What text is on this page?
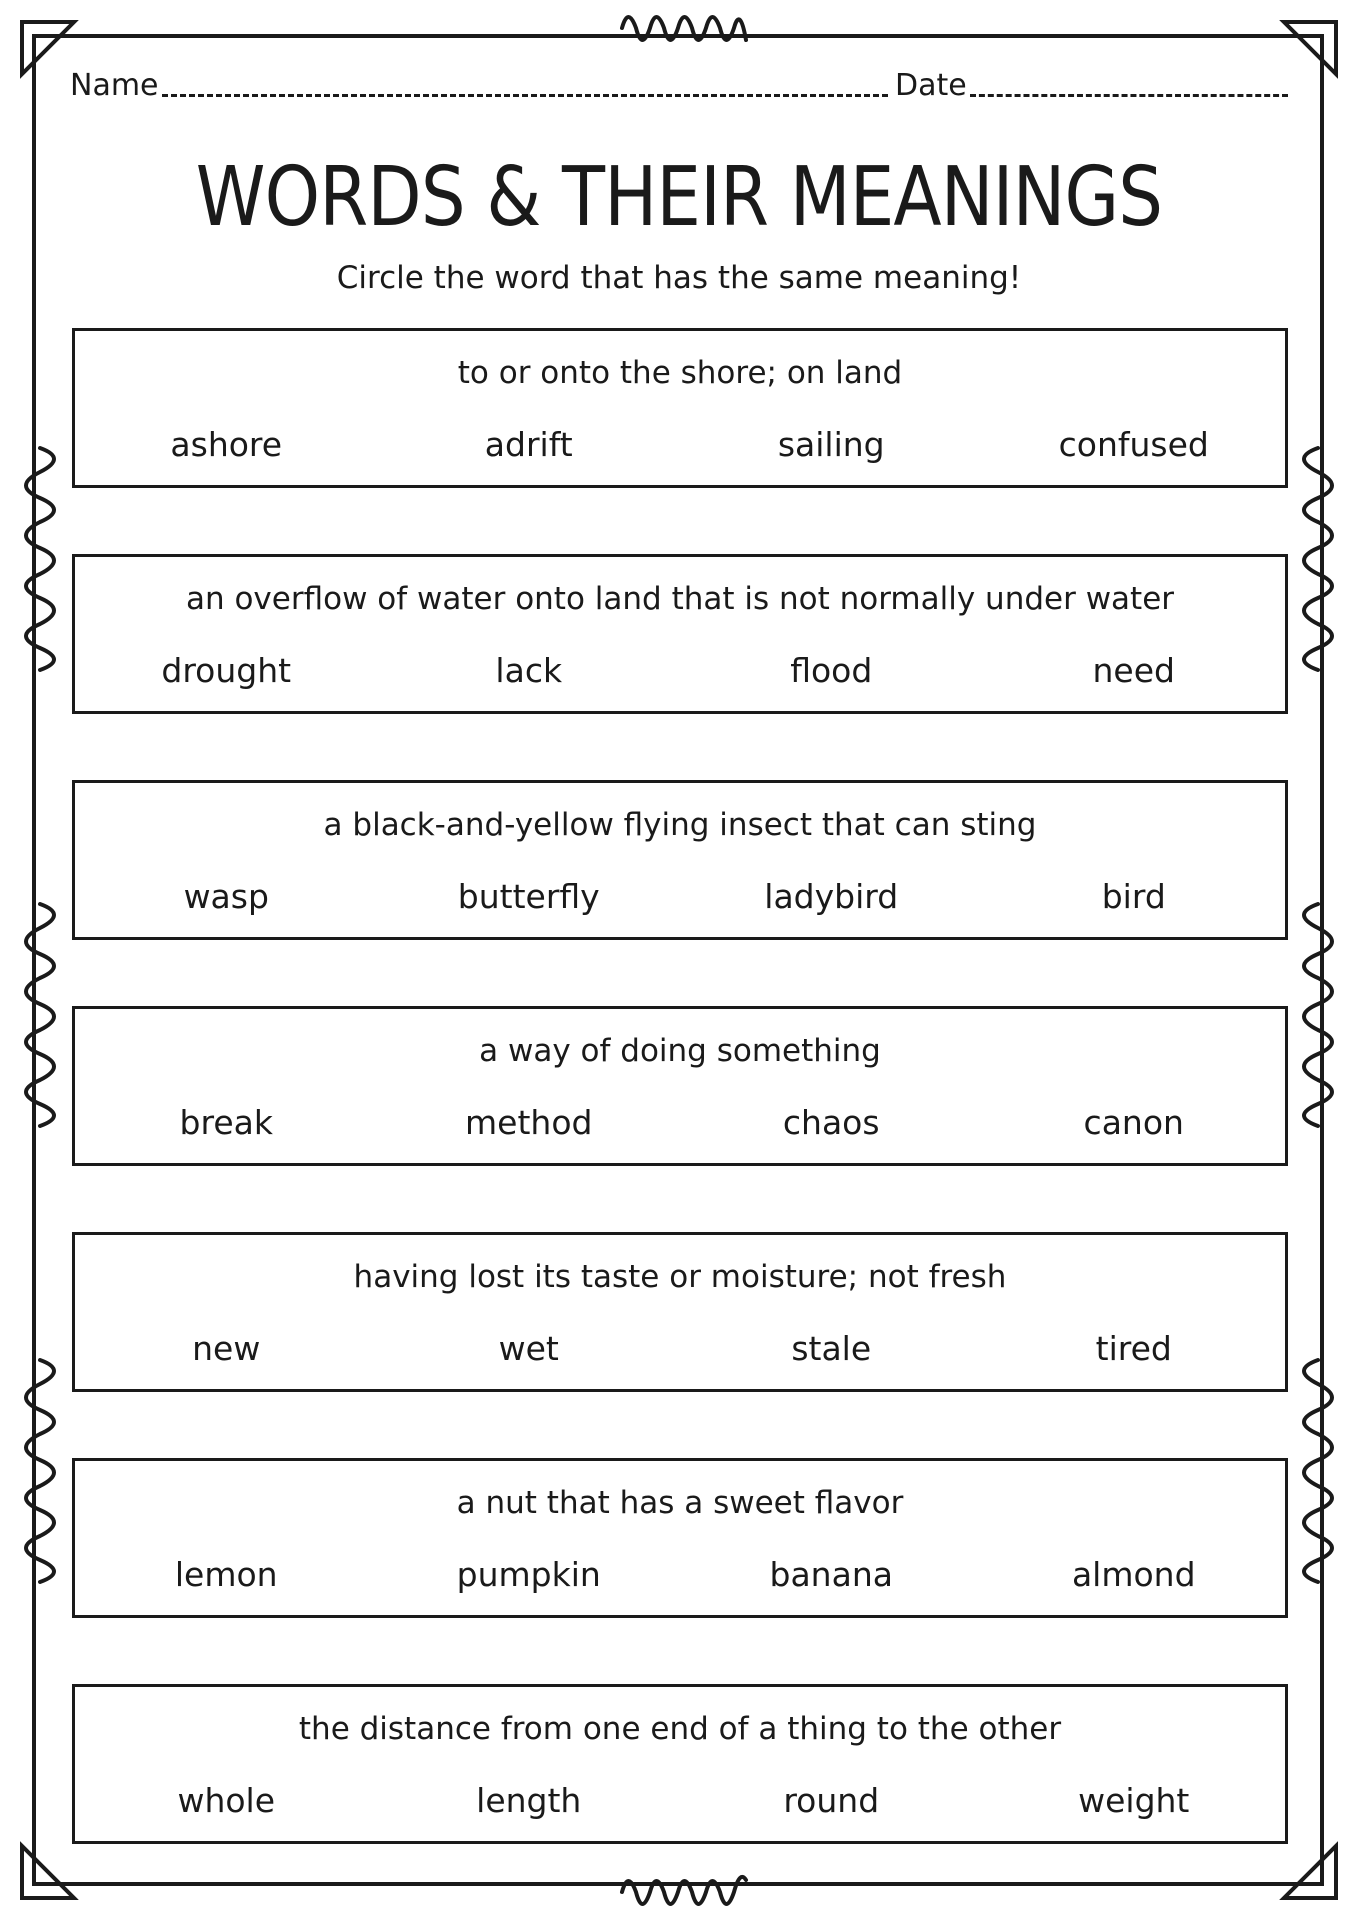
Name	Date
WORDS & THEIR MEANINGS
Circle the word that has the same meaning!
to or onto the shore; on land
ashore	adrift	sailing	confused
an overflow of water onto land that is not normally under water
drought	lack	flood	need
a black-and-yellow flying insect that can sting
wasp	butterfly	ladybird	bird
a way of doing something
break	method	chaos	canon
having lost its taste or moisture; not fresh
new	wet	stale	tired
a nut that has a sweet flavor
lemon	pumpkin	banana	almond
the distance from one end of a thing to the other
whole	length	round	weight
